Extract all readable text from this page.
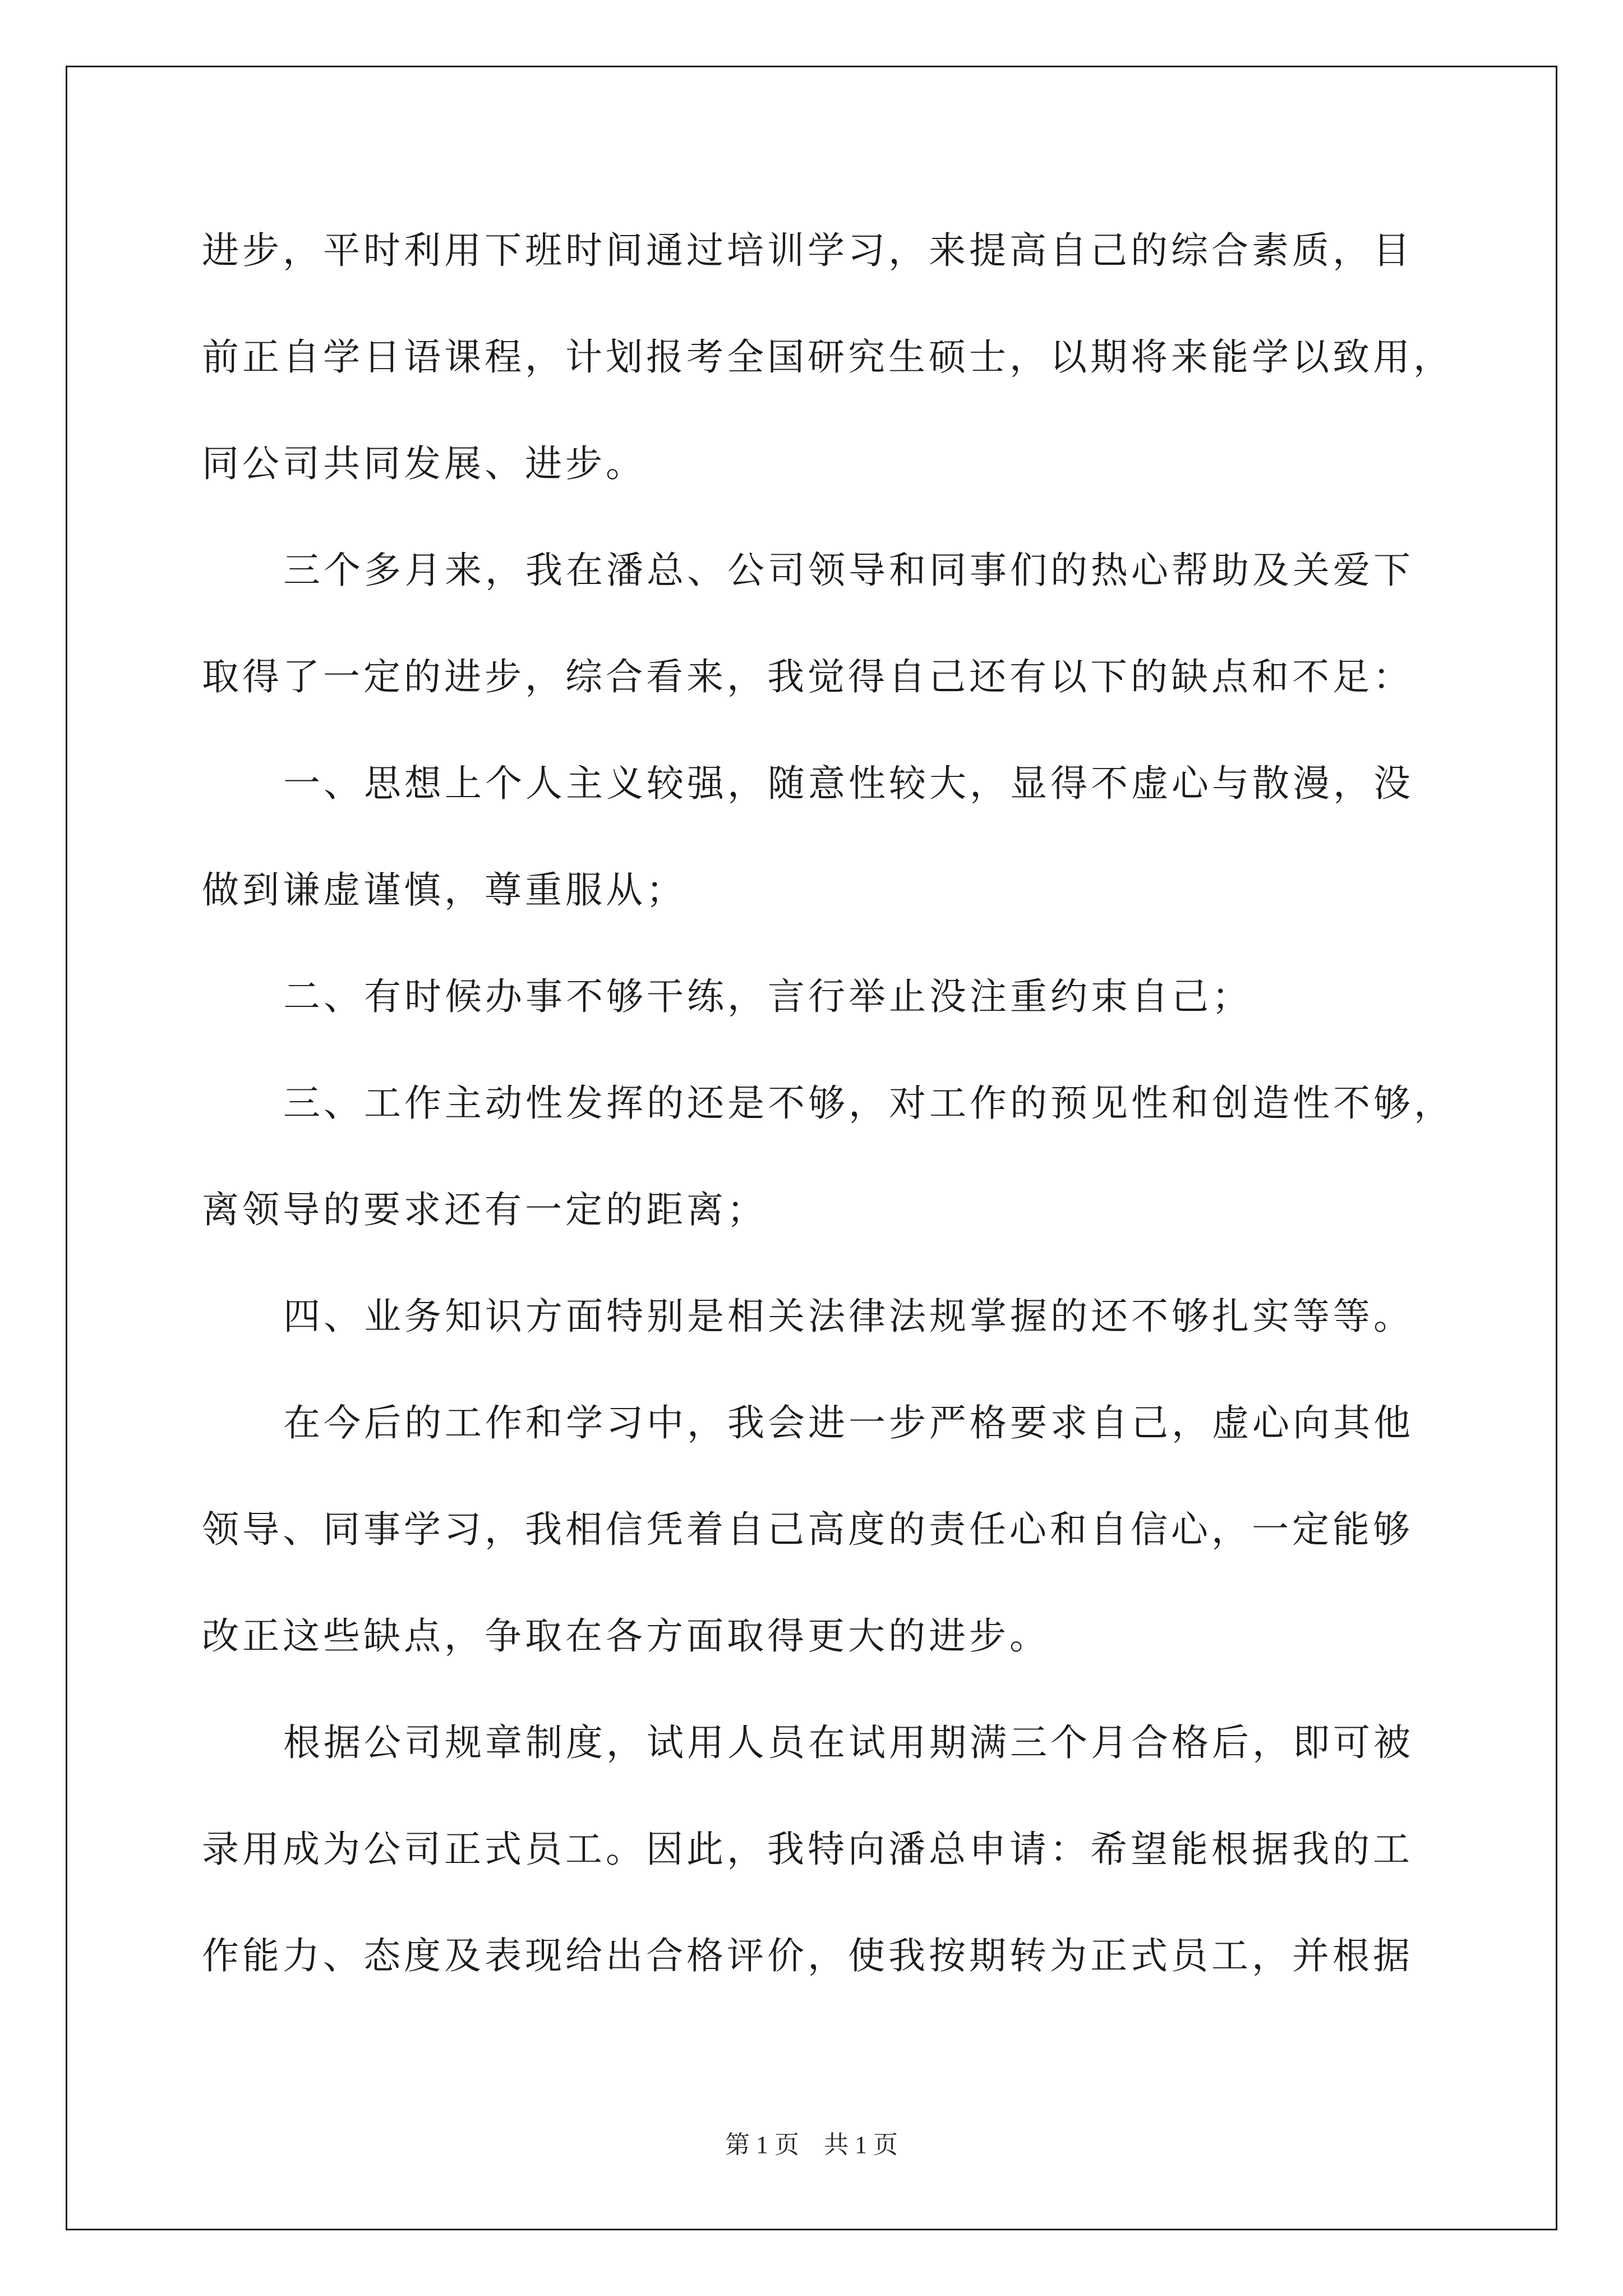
进步，平时利用下班时间通过培训学习，来提高自己的综合素质，目
前正自学日语课程，计划报考全国研究生硕士，以期将来能学以致用，
同公司共同发展、进步。
三个多月来，我在潘总、公司领导和同事们的热心帮助及关爱下
取得了一定的进步，综合看来，我觉得自己还有以下的缺点和不足：
一、思想上个人主义较强，随意性较大，显得不虚心与散漫，没
做到谦虚谨慎，尊重服从；
二、有时候办事不够干练，言行举止没注重约束自己；
三、工作主动性发挥的还是不够，对工作的预见性和创造性不够，
离领导的要求还有一定的距离；
四、业务知识方面特别是相关法律法规掌握的还不够扎实等等。
在今后的工作和学习中，我会进一步严格要求自己，虚心向其他
领导、同事学习，我相信凭着自己高度的责任心和自信心，一定能够
改正这些缺点，争取在各方面取得更大的进步。
根据公司规章制度，试用人员在试用期满三个月合格后，即可被
录用成为公司正式员工。因此，我特向潘总申请：希望能根据我的工
作能力、态度及表现给出合格评价，使我按期转为正式员工，并根据
第 1 页　共 1 页
